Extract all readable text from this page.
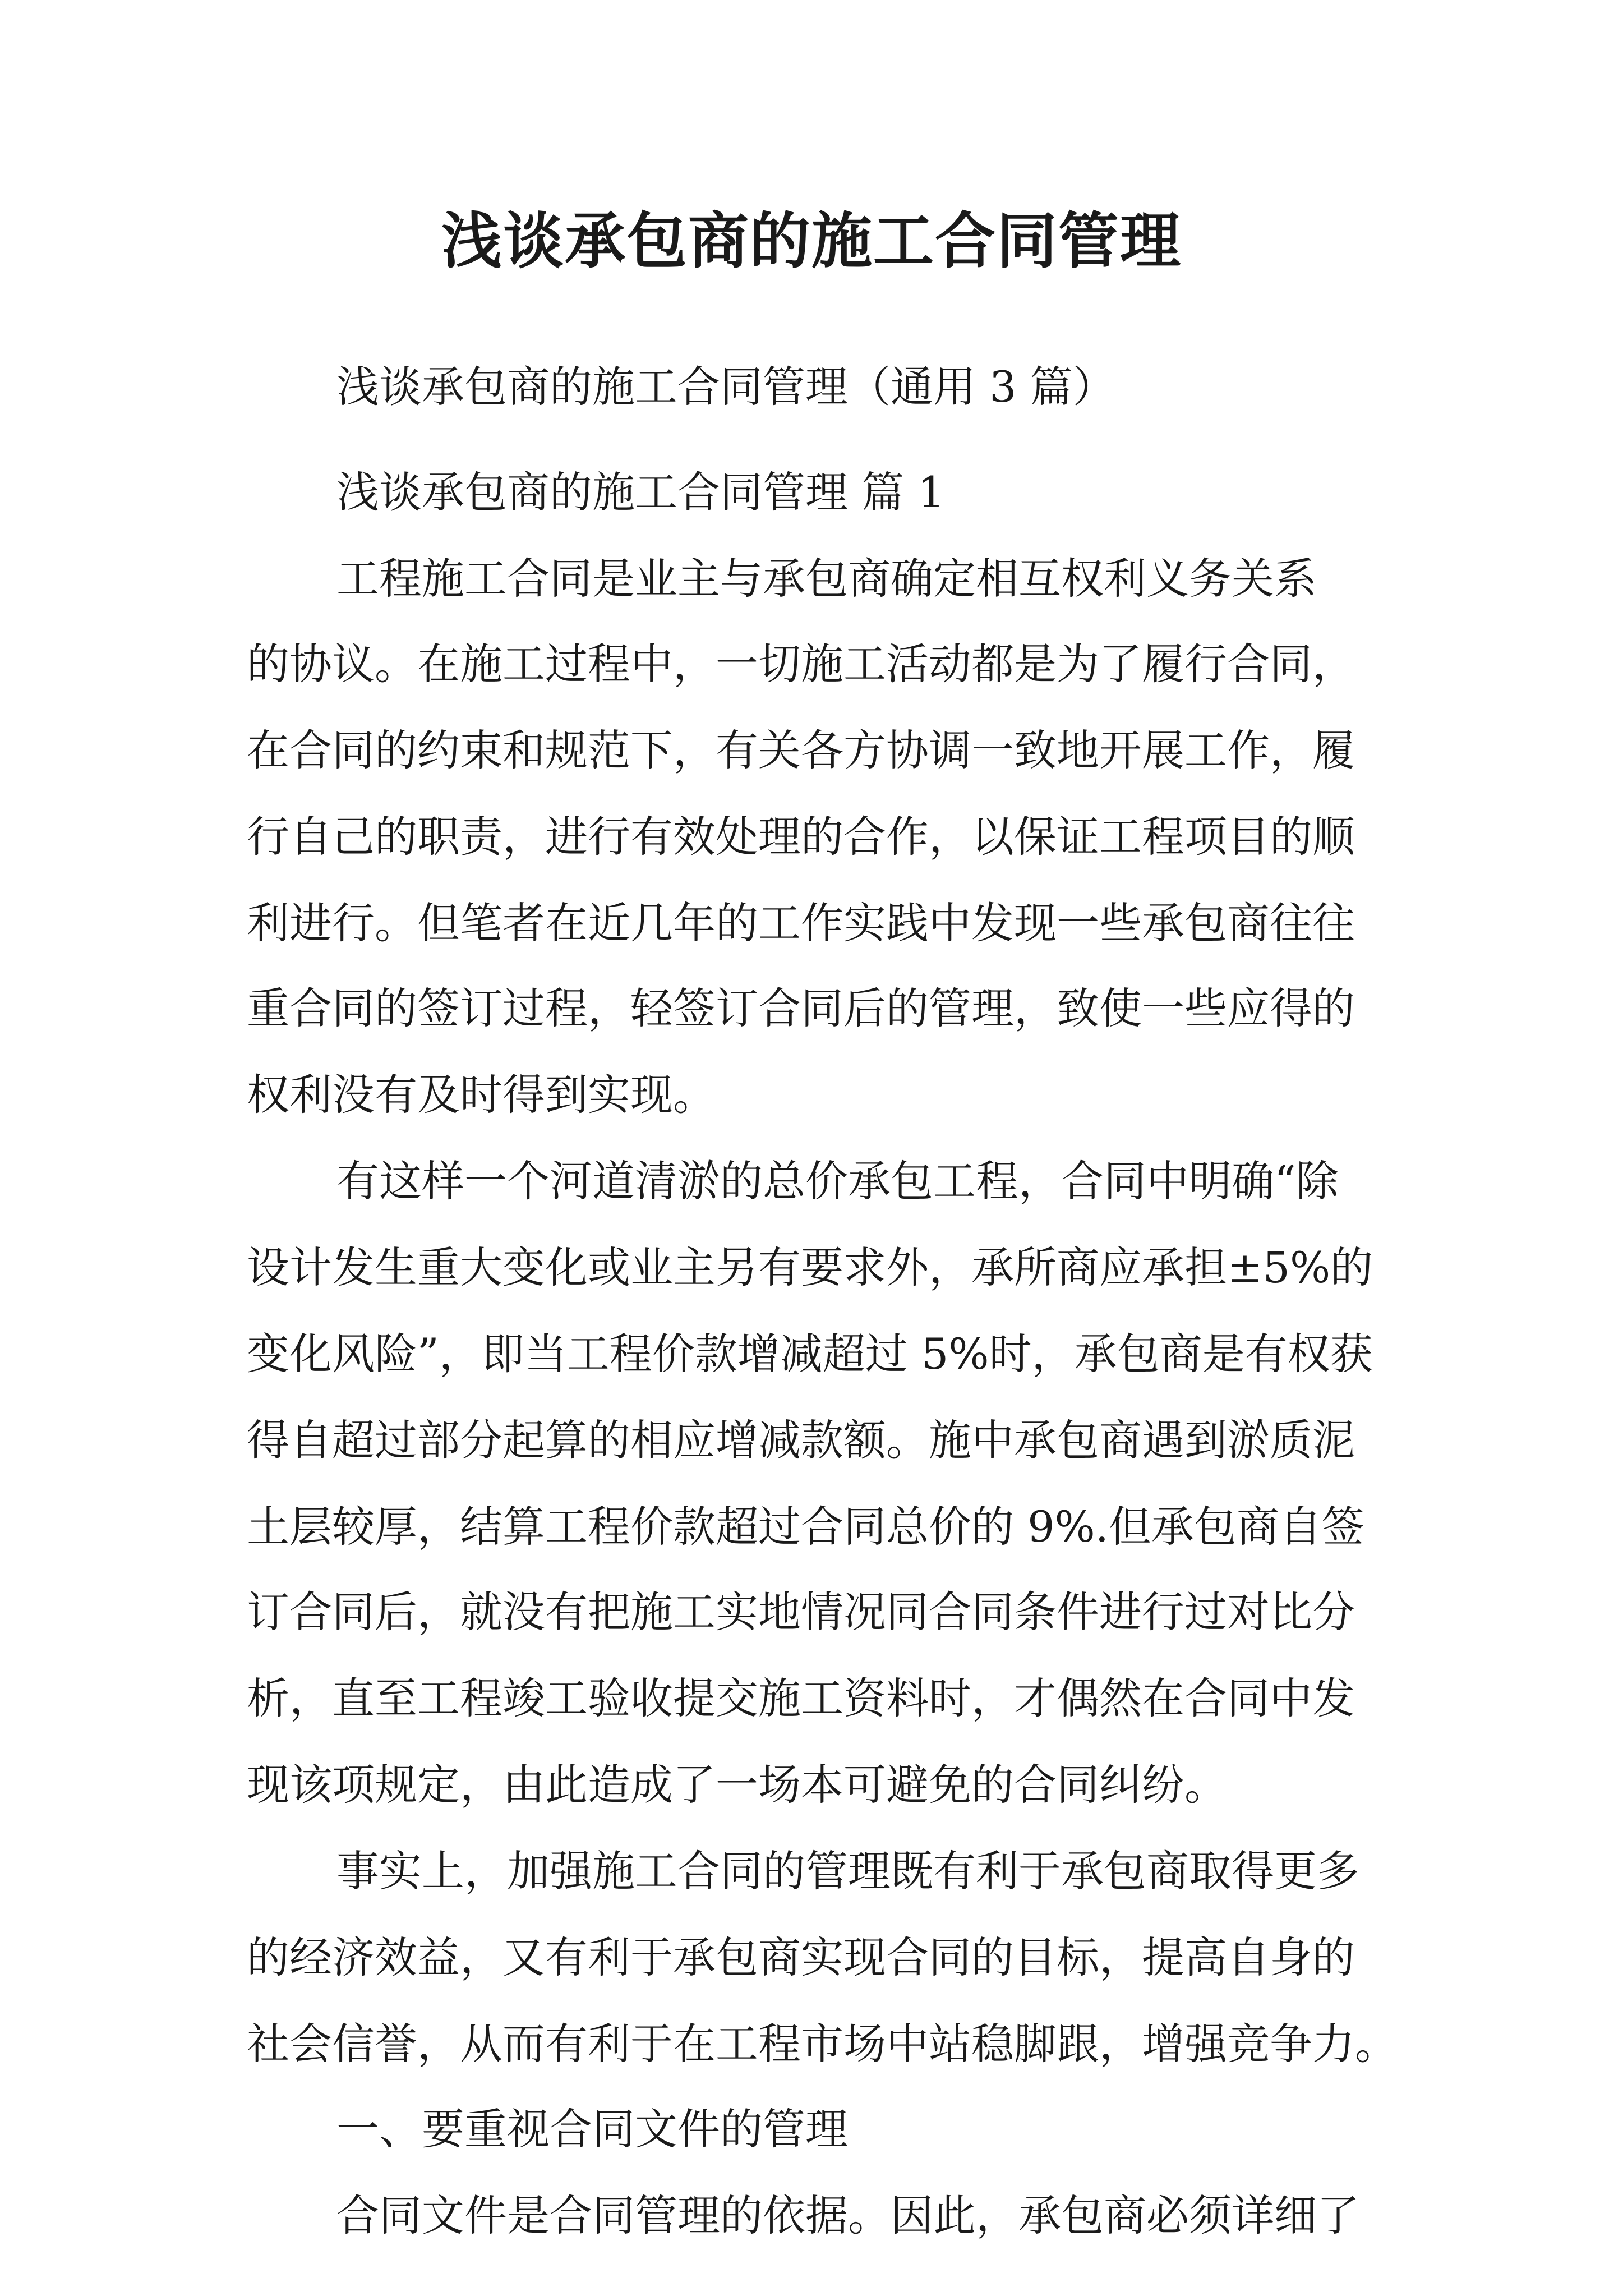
浅谈承包商的施工合同管理
浅谈承包商的施工合同管理（通用 3 篇）
浅谈承包商的施工合同管理 篇 1
工程施工合同是业主与承包商确定相互权利义务关系
的协议。在施工过程中，一切施工活动都是为了履行合同，
在合同的约束和规范下，有关各方协调一致地开展工作，履
行自己的职责，进行有效处理的合作，以保证工程项目的顺
利进行。但笔者在近几年的工作实践中发现一些承包商往往
重合同的签订过程，轻签订合同后的管理，致使一些应得的
权利没有及时得到实现。
有这样一个河道清淤的总价承包工程，合同中明确“除
设计发生重大变化或业主另有要求外，承所商应承担±5%的
变化风险”，即当工程价款增减超过 5%时，承包商是有权获
得自超过部分起算的相应增减款额。施中承包商遇到淤质泥
土层较厚，结算工程价款超过合同总价的 9%.但承包商自签
订合同后，就没有把施工实地情况同合同条件进行过对比分
析，直至工程竣工验收提交施工资料时，才偶然在合同中发
现该项规定，由此造成了一场本可避免的合同纠纷。
事实上，加强施工合同的管理既有利于承包商取得更多
的经济效益，又有利于承包商实现合同的目标，提高自身的
社会信誉，从而有利于在工程市场中站稳脚跟，增强竞争力。
一、要重视合同文件的管理
合同文件是合同管理的依据。因此，承包商必须详细了
